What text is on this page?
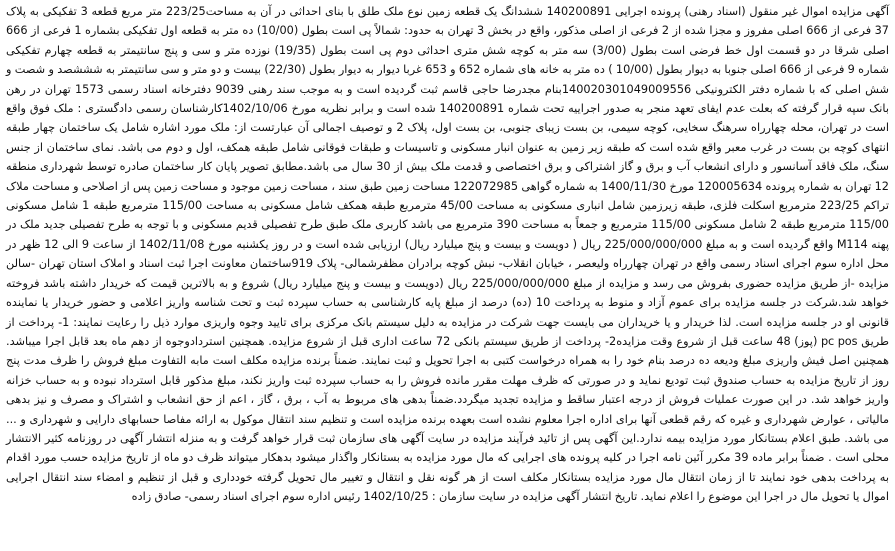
آگهی مزایده اموال غیر منقول (اسناد رهنی) پرونده اجرایی 140200891 ششدانگ یک قطعه زمین نوع ملک طلق با بنای احداثی در آن به مساحت223/25 متر مربع قطعه 3 تفکیکی به پلاک 37 فرعی از 666 اصلی مفروز و مجزا شده از 2 فرعی از اصلی مذکور، واقع در بخش 3 تهران به حدود: شمالاً پی است بطول (10/00) ده متر به قطعه اول تفکیکی بشماره 1 فرعی از 666 اصلی شرقا در دو قسمت اول خط فرضی است بطول (3/00) سه متر به کوچه شش متری احداثی دوم پی است بطول (19/35) نوزده متر و سی و پنج سانتیمتر به قطعه چهارم تفکیکی شماره 9 فرعی از 666 اصلی جنوبا به دیوار بطول (10/00 ) ده متر به خانه های شماره 652 و 653 غربا دیوار به دیوار بطول (22/30) بیست و دو متر و سی سانتیمتر به شششصد و شصت و شش اصلی که با شماره دفتر الکترونیکی 140020301049009556بنام مجدرضا حاجی قاسم ثبت گردیده است و به موجب سند رهنی 9039 دفترخانه اسناد رسمی 1573 تهران در رهن بانک سپه قرار گرفته که بعلت عدم ایفای تعهد منجر به صدور اجراییه تحت شماره 140200891 شده است و برابر نظریه مورخ 1402/10/06کارشناسان رسمی دادگستری : ملک فوق واقع است در تهران، محله چهارراه سرهنگ سخایی، کوچه سیمی، بن بست زیبای جنوبی، بن بست اول، پلاک 2 و توصیف اجمالی آن عبارتست از: ملک مورد اشاره شامل یک ساختمان چهار طبقه انتهای کوچه بن بست در غرب معبر واقع شده است که طبقه زیر زمین به عنوان انبار مسکونی و تاسیسات و طبقات فوقانی شامل طبقه همکف، اول و دوم می باشد. نمای ساختمان از جنس سنگ، ملک فاقد آسانسور و دارای انشعاب آب و برق و گاز اشتراکی و برق اختصاصی و قدمت ملک بیش از 30 سال می باشد.مطابق تصویر پایان کار ساختمان صادره توسط شهرداری منطقه 12 تهران به شماره پرونده 120005634 مورخ 1400/11/30 به شماره گواهی 122072985 مساحت زمین طبق سند ، مساحت زمین موجود و مساحت زمین پس از اصلاحی و مساحت ملاک تراکم 223/25 مترمربع اسکلت فلزی، طبقه زیرزمین شامل انباری مسکونی به مساحت 45/00 مترمربع طبقه همکف شامل مسکونی به مساحت 115/00 مترمربع طبقه 1 شامل مسکونی 115/00 مترمربع طبقه 2 شامل مسکونی 115/00 مترمربع و جمعاً به مساحت 390 مترمربع می باشد کاربری ملک طبق طرح تفصیلی قدیم مسکونی و با توجه به طرح تفصیلی جدید ملک در پهنه M114 واقع گردیده است و به مبلغ 225/000/000/000 ریال ( دویست و بیست و پنج میلیارد ریال) ارزیابی شده است و در روز یکشنبه مورخ 1402/11/08 از ساعت 9 الی 12 ظهر در محل اداره سوم اجرای اسناد رسمی واقع در تهران چهارراه ولیعصر ، خیابان انقلاب- نبش کوچه برادران مظفرشمالی- پلاک 919ساختمان معاونت اجرا ثبت اسناد و املاک استان تهران -سالن مزایده -از طریق مزایده حضوری بفروش می رسد و مزایده از مبلغ 225/000/000/000 ریال (دویست و بیست و پنج میلیارد ریال) شروع و به بالاترین قیمت که خریدار داشته باشد فروخته خواهد شد.شرکت در جلسه مزایده برای عموم آزاد و منوط به پرداخت 10 (ده) درصد از مبلغ پایه کارشناسی به حساب سپرده ثبت و تحت شناسه واریز اعلامی و حضور خریدار یا نماینده قانونی او در جلسه مزایده است. لذا خریدار و یا خریداران می بایست جهت شرکت در مزایده به دلیل سیستم بانک مرکزی برای تایید وجوه واریزی موارد ذیل را رعایت نمایند: 1- پرداخت از طریق pc pos (پوز) 48 ساعت قبل از شروع وقت مزایده2- پرداخت از طریق سیستم بانکی 72 ساعت اداری قبل از شروع مزایده. همچنین استردادوجوه از دهم ماه بعد قابل اجرا میباشد. همچنین اصل فیش واریزی مبلغ ودیعه ده درصد بنام خود را به همراه درخواست کتبی به اجرا تحویل و ثبت نمایند. ضمناً برنده مزایده مکلف است مابه التفاوت مبلغ فروش را ظرف مدت پنج روز از تاریخ مزایده به حساب صندوق ثبت تودیع نماید و در صورتی که ظرف مهلت مقرر مانده فروش را به حساب سپرده ثبت واریز نکند، مبلغ مذکور قابل استرداد نبوده و به حساب خزانه واریز خواهد شد. در این صورت عملیات فروش از درجه اعتبار ساقط و مزایده تجدید میگردد.ضمناً بدهی های مربوط به آب ، برق ، گاز ، اعم از حق انشعاب و اشتراک و مصرف و نیز بدهی مالیاتی ، عوارض شهرداری و غیره که رقم قطعی آنها برای اداره اجرا معلوم نشده است بعهده برنده مزایده است و تنظیم سند انتقال موکول به ارائه مفاصا حسابهای دارایی و شهرداری و ... می باشد. طبق اعلام بستانکار مورد مزایده بیمه ندارد.این آگهی پس از تائید فرآیند مزایده در سایت آگهی های سازمان ثبت قرار خواهد گرفت و به منزله انتشار آگهی در روزنامه کثیر الانتشار محلی است . ضمناً برابر ماده 39 مکرر آئین نامه اجرا در کلیه پرونده های اجرایی که مال مورد مزایده به بستانکار واگذار میشود بدهکار میتواند ظرف دو ماه از تاریخ مزایده حسب مورد اقدام به پرداخت بدهی خود نمایند تا از زمان انتقال مال مورد مزایده بستانکار مکلف است از هر گونه نقل و انتقال و تغییر مال تحویل گرفته خودداری و قبل از تنظیم و امضاء سند انتقال اجرایی اموال یا تحویل مال در اجرا این موضوع را اعلام نماید. تاریخ انتشار آگهی مزایده در سایت سازمان : 1402/10/25 رئیس اداره سوم اجرای اسناد رسمی- صادق زاده
